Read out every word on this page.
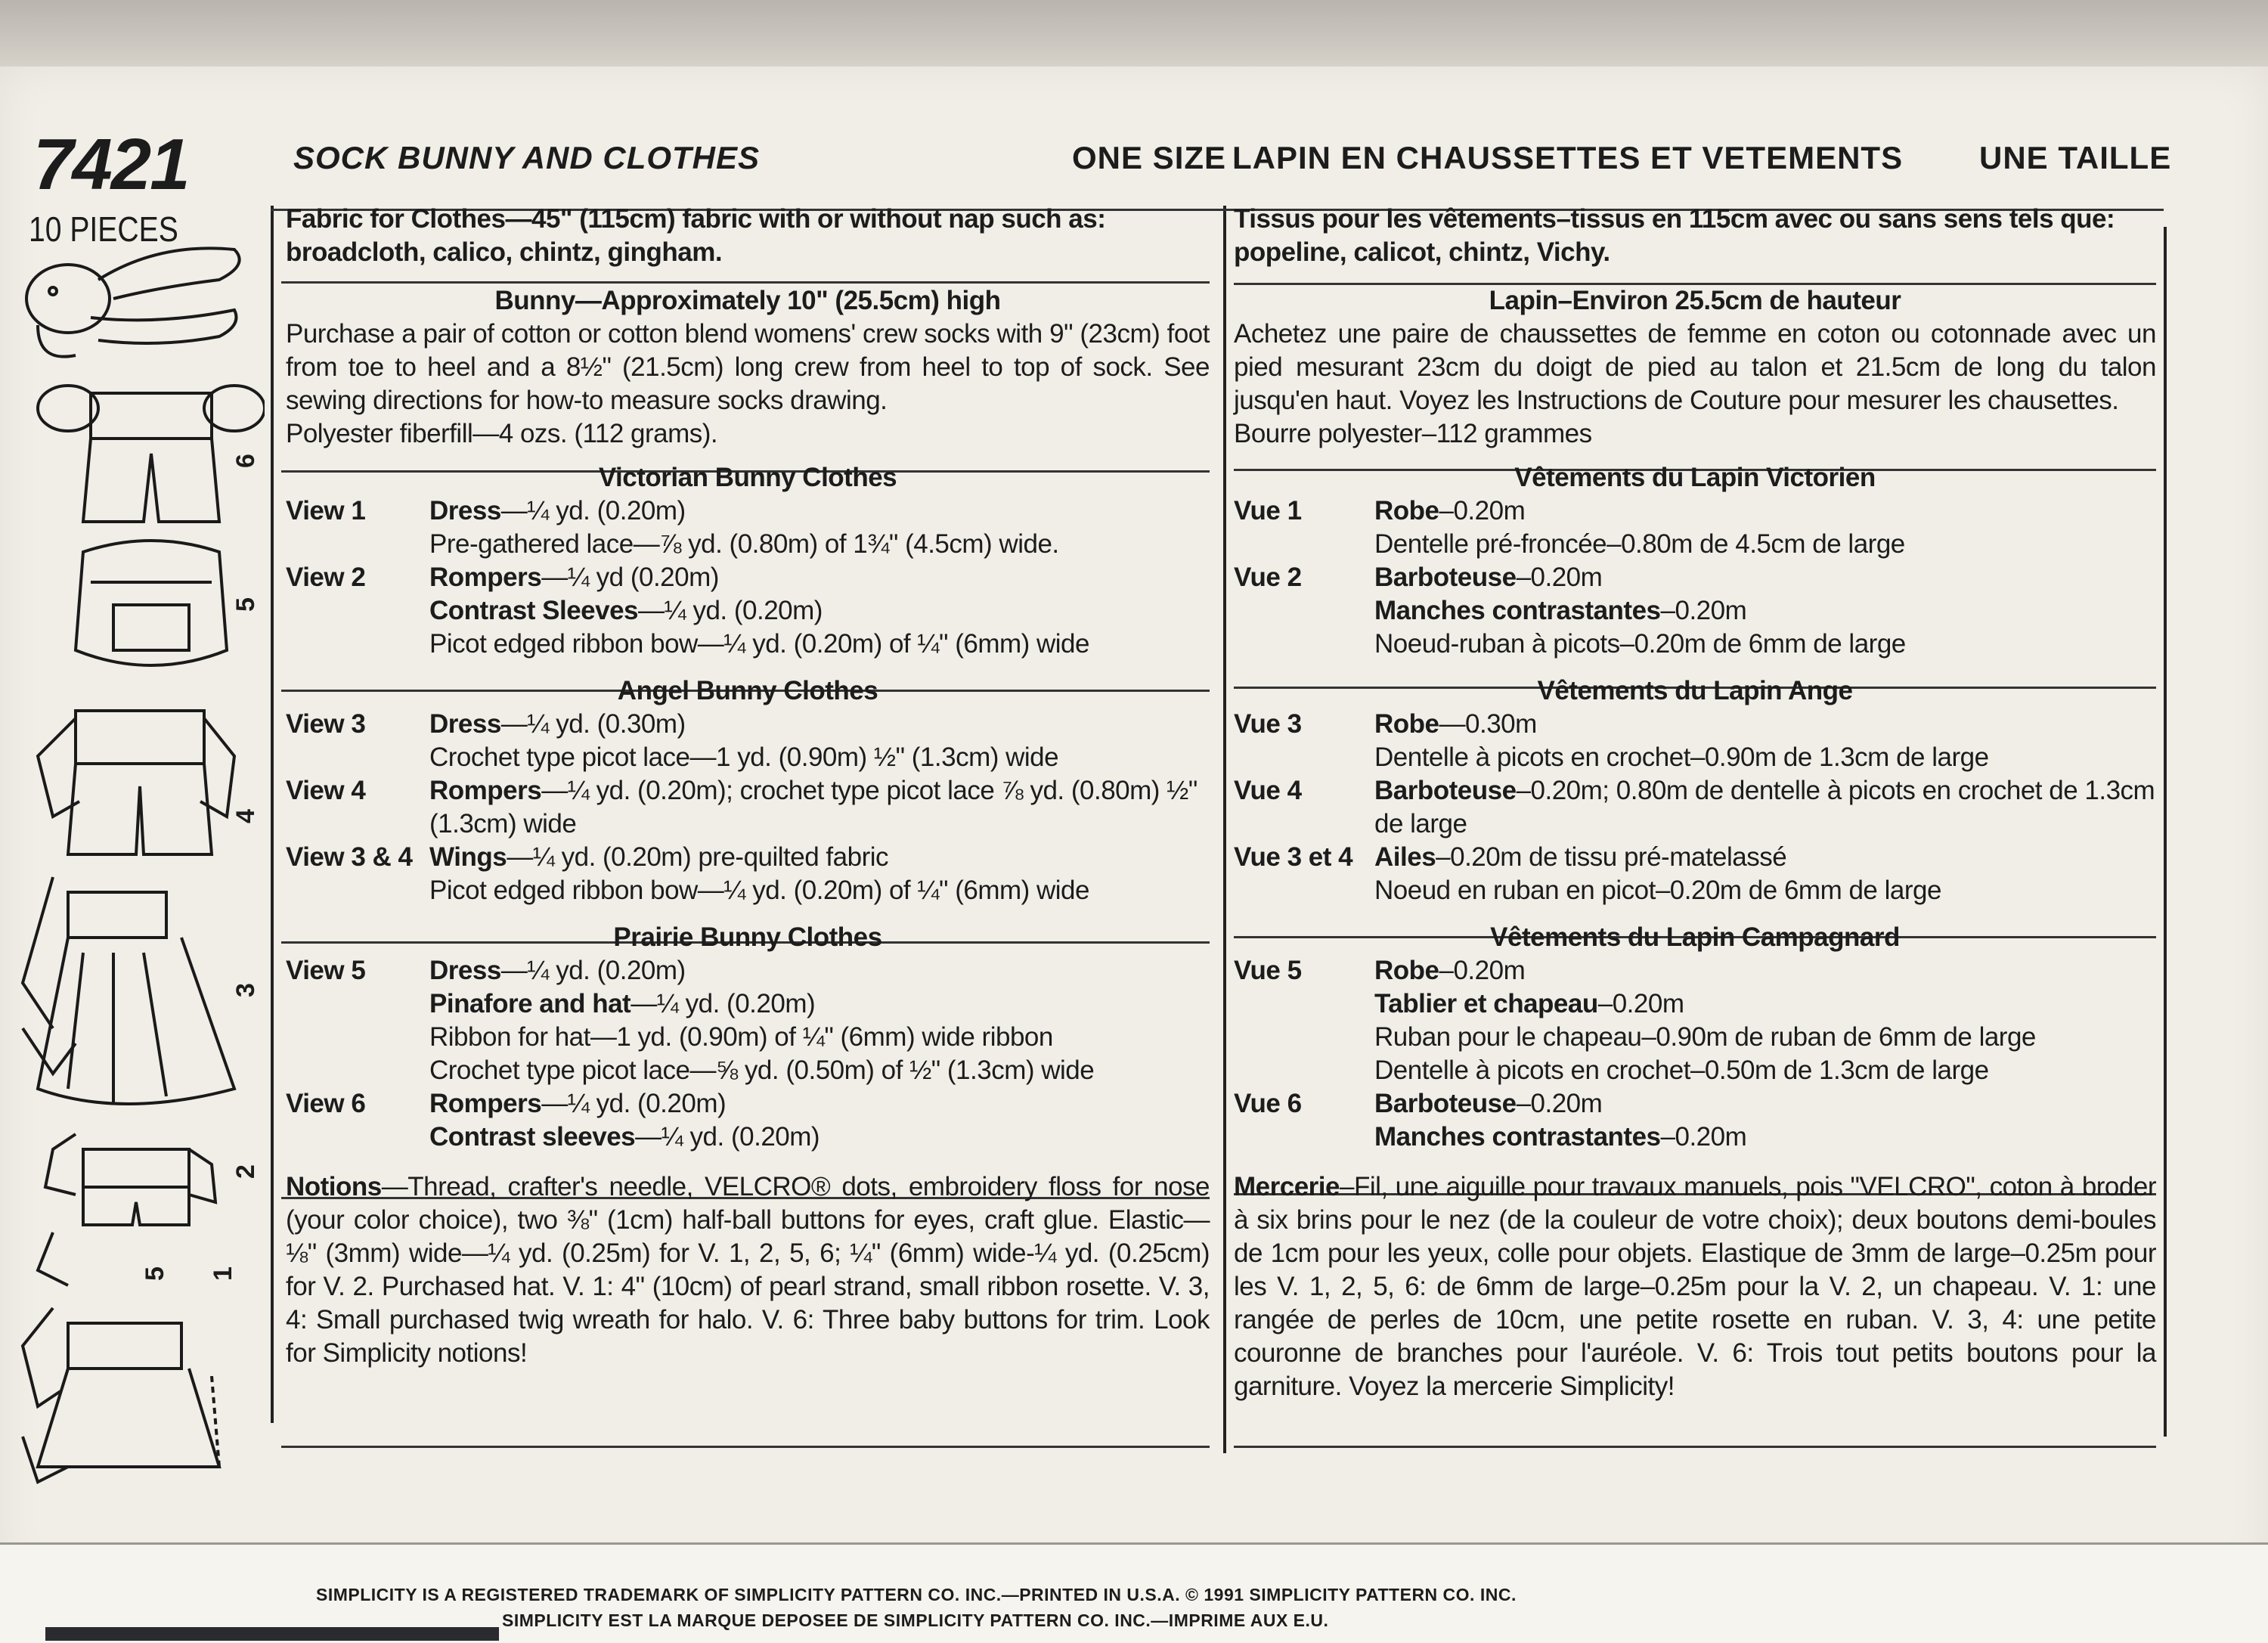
7421
10 PIECES
SOCK BUNNY AND CLOTHES	ONE SIZE LAPIN EN CHAUSSETTES ET VETEMENTS UNE TAILLE

Fabric for Clothes—45" (115cm) fabric with or without nap such as: broadcloth, calico, chintz, gingham.

Bunny—Approximately 10" (25.5cm) high

Purchase a pair of cotton or cotton blend womens' crew socks with 9" (23cm) foot from toe to heel and a 8½" (21.5cm) long crew from heel to top of sock. See sewing directions for how-to measure socks drawing.

Polyester fiberfill—4 ozs. (112 grams).

Victorian Bunny Clothes

View 1	Dress—¼ yd. (0.20m)
Pre-gathered lace—⅞ yd. (0.80m) of 1¾" (4.5cm) wide.
View 2	Rompers—¼ yd (0.20m)
Contrast Sleeves—¼ yd. (0.20m)
Picot edged ribbon bow—¼ yd. (0.20m) of ¼" (6mm) wide

Angel Bunny Clothes

View 3	Dress—¼ yd. (0.30m)
Crochet type picot lace—1 yd. (0.90m) ½" (1.3cm) wide
View 4	Rompers—¼ yd. (0.20m); crochet type picot lace ⅞ yd. (0.80m) ½" (1.3cm) wide
View 3 & 4 Wings—¼ yd. (0.20m) pre-quilted fabric
Picot edged ribbon bow—¼ yd. (0.20m) of ¼" (6mm) wide

Prairie Bunny Clothes

View 5	Dress—¼ yd. (0.20m)
Pinafore and hat—¼ yd. (0.20m)
Ribbon for hat—1 yd. (0.90m) of ¼" (6mm) wide ribbon
Crochet type picot lace—⅝ yd. (0.50m) of ½" (1.3cm) wide
View 6	Rompers—¼ yd. (0.20m)
Contrast sleeves—¼ yd. (0.20m)

Notions—Thread, crafter's needle, VELCRO® dots, embroidery floss for nose (your color choice), two ⅜" (1cm) half-ball buttons for eyes, craft glue. Elastic—⅛" (3mm) wide—¼ yd. (0.25m) for V. 1, 2, 5, 6; ¼" (6mm) wide-¼ yd. (0.25cm) for V. 2. Purchased hat. V. 1: 4" (10cm) of pearl strand, small ribbon rosette. V. 3, 4: Small purchased twig wreath for halo. V. 6: Three baby buttons for trim. Look for Simplicity notions!

Tissus pour les vêtements–tissus en 115cm avec ou sans sens tels que: popeline, calicot, chintz, Vichy.

Lapin–Environ 25.5cm de hauteur

Achetez une paire de chaussettes de femme en coton ou cotonnade avec un pied mesurant 23cm du doigt de pied au talon et 21.5cm de long du talon jusqu'en haut. Voyez les Instructions de Couture pour mesurer les chausettes.

Bourre polyester–112 grammes

Vêtements du Lapin Victorien

Vue 1	Robe–0.20m
Dentelle pré-froncée–0.80m de 4.5cm de large
Vue 2	Barboteuse–0.20m
Manches contrastantes–0.20m
Noeud-ruban à picots–0.20m de 6mm de large

Vêtements du Lapin Ange

Vue 3	Robe—0.30m
Dentelle à picots en crochet–0.90m de 1.3cm de large
Vue 4	Barboteuse–0.20m; 0.80m de dentelle à picots en crochet de 1.3cm de large
Vue 3 et 4 Ailes–0.20m de tissu pré-matelassé
Noeud en ruban en picot–0.20m de 6mm de large

Vêtements du Lapin Campagnard

Vue 5	Robe–0.20m
Tablier et chapeau–0.20m
Ruban pour le chapeau–0.90m de ruban de 6mm de large
Dentelle à picots en crochet–0.50m de 1.3cm de large
Vue 6	Barboteuse–0.20m
Manches contrastantes–0.20m

Mercerie–Fil, une aiguille pour travaux manuels, pois "VELCRO", coton à broder à six brins pour le nez (de la couleur de votre choix); deux boutons demi-boules de 1cm pour les yeux, colle pour objets. Elastique de 3mm de large–0.25m pour les V. 1, 2, 5, 6: de 6mm de large–0.25m pour la V. 2, un chapeau. V. 1: une rangée de perles de 10cm, une petite rosette en ruban. V. 3, 4: une petite couronne de branches pour l'auréole. V. 6: Trois tout petits boutons pour la garniture. Voyez la mercerie Simplicity!

6
5
4
3
2
5 1
SIMPLICITY IS A REGISTERED TRADEMARK OF SIMPLICITY PATTERN CO. INC.—PRINTED IN U.S.A. © 1991 SIMPLICITY PATTERN CO. INC.
SIMPLICITY EST LA MARQUE DEPOSEE DE SIMPLICITY PATTERN CO. INC.—IMPRIME AUX E.U.
